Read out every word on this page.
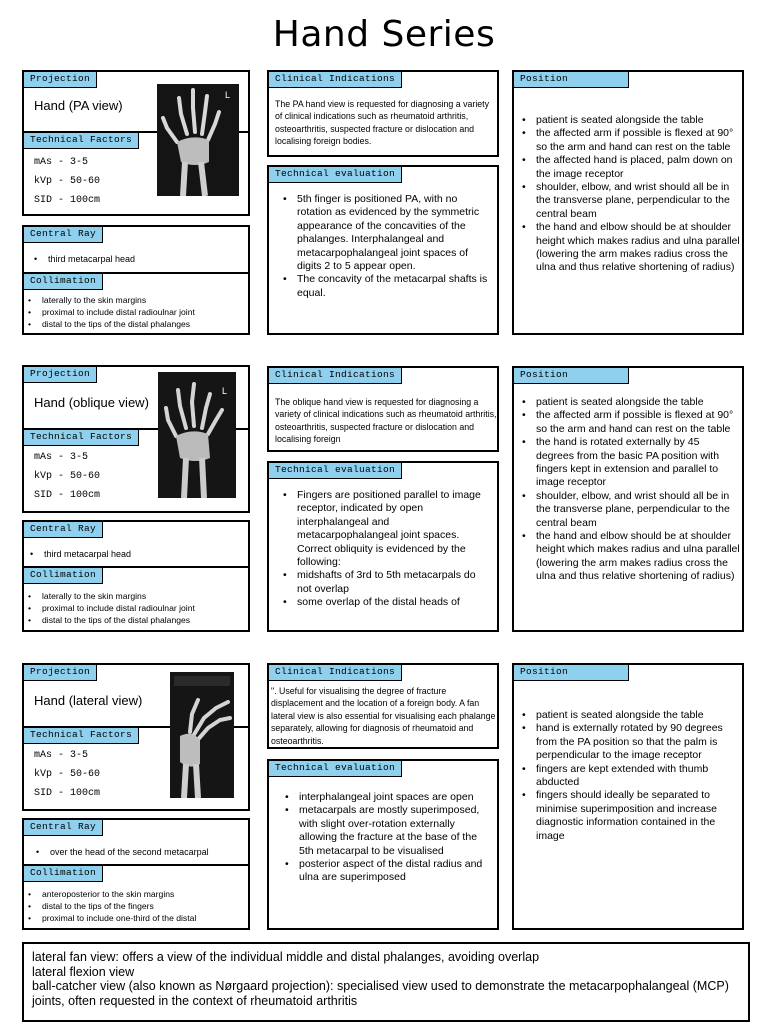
Hand Series
Projection
Hand (PA view)
Technical Factors
mAs - 3-5
kVp - 50-60
SID - 100cm
L
Central Ray
• third metacarpal head
Collimation
• laterally to the skin margins
• proximal to include distal radioulnar joint
• distal to the tips of the distal phalanges
Clinical Indications
The PA hand view is requested for diagnosing a variety of clinical indications such as rheumatoid arthritis, osteoarthritis, suspected fracture or dislocation and localising foreign bodies.
Technical evaluation
• 5th finger is positioned PA, with no rotation as evidenced by the symmetric appearance of the concavities of the phalanges. Interphalangeal and metacarpophalangeal joint spaces of digits 2 to 5 appear open.
• The concavity of the metacarpal shafts is equal.
Position
• patient is seated alongside the table
• the affected arm if possible is flexed at 90° so the arm and hand can rest on the table
• the affected hand is placed, palm down on the image receptor
• shoulder, elbow, and wrist should all be in the transverse plane, perpendicular to the central beam
• the hand and elbow should be at shoulder height which makes radius and ulna parallel (lowering the arm makes radius cross the ulna and thus relative shortening of radius)
Projection
Hand (oblique view)
Technical Factors
mAs - 3-5
kVp - 50-60
SID - 100cm
L
Central Ray
• third metacarpal head
Collimation
• laterally to the skin margins
• proximal to include distal radioulnar joint
• distal to the tips of the distal phalanges
Clinical Indications
The oblique hand view is requested for diagnosing a variety of clinical indications such as rheumatoid arthritis, osteoarthritis, suspected fracture or dislocation and localising foreign
Technical evaluation
• Fingers are positioned parallel to image receptor, indicated by open interphalangeal and metacarpophalangeal joint spaces. Correct obliquity is evidenced by the following:
• midshafts of 3rd to 5th metacarpals do not overlap
• some overlap of the distal heads of
Position
• patient is seated alongside the table
• the affected arm if possible is flexed at 90° so the arm and hand can rest on the table
• the hand is rotated externally by 45 degrees from the basic PA position with fingers kept in extension and parallel to image receptor
• shoulder, elbow, and wrist should all be in the transverse plane, perpendicular to the central beam
• the hand and elbow should be at shoulder height which makes radius and ulna parallel (lowering the arm makes radius cross the ulna and thus relative shortening of radius)
Projection
Hand (lateral view)
Technical Factors
mAs - 3-5
kVp - 50-60
SID - 100cm
Central Ray
• over the head of the second metacarpal
Collimation
• anteroposterior to the skin margins
• distal to the tips of the fingers
• proximal to include one-third of the distal
Clinical Indications
". Useful for visualising the degree of fracture displacement and the location of a foreign body. A fan lateral view is also essential for visualising each phalange separately, allowing for diagnosis of rheumatoid and osteoarthritis.
Technical evaluation
• interphalangeal joint spaces are open
• metacarpals are mostly superimposed, with slight over-rotation externally allowing the fracture at the base of the 5th metacarpal to be visualised
• posterior aspect of the distal radius and ulna are superimposed
Position
• patient is seated alongside the table
• hand is externally rotated by 90 degrees from the PA position so that the palm is perpendicular to the image receptor
• fingers are kept extended with thumb abducted
• fingers should ideally be separated to minimise superimposition and increase diagnostic information contained in the image
lateral fan view: offers a view of the individual middle and distal phalanges, avoiding overlap
lateral flexion view
ball-catcher view (also known as Nørgaard projection): specialised view used to demonstrate the metacarpophalangeal (MCP) joints, often requested in the context of rheumatoid arthritis
